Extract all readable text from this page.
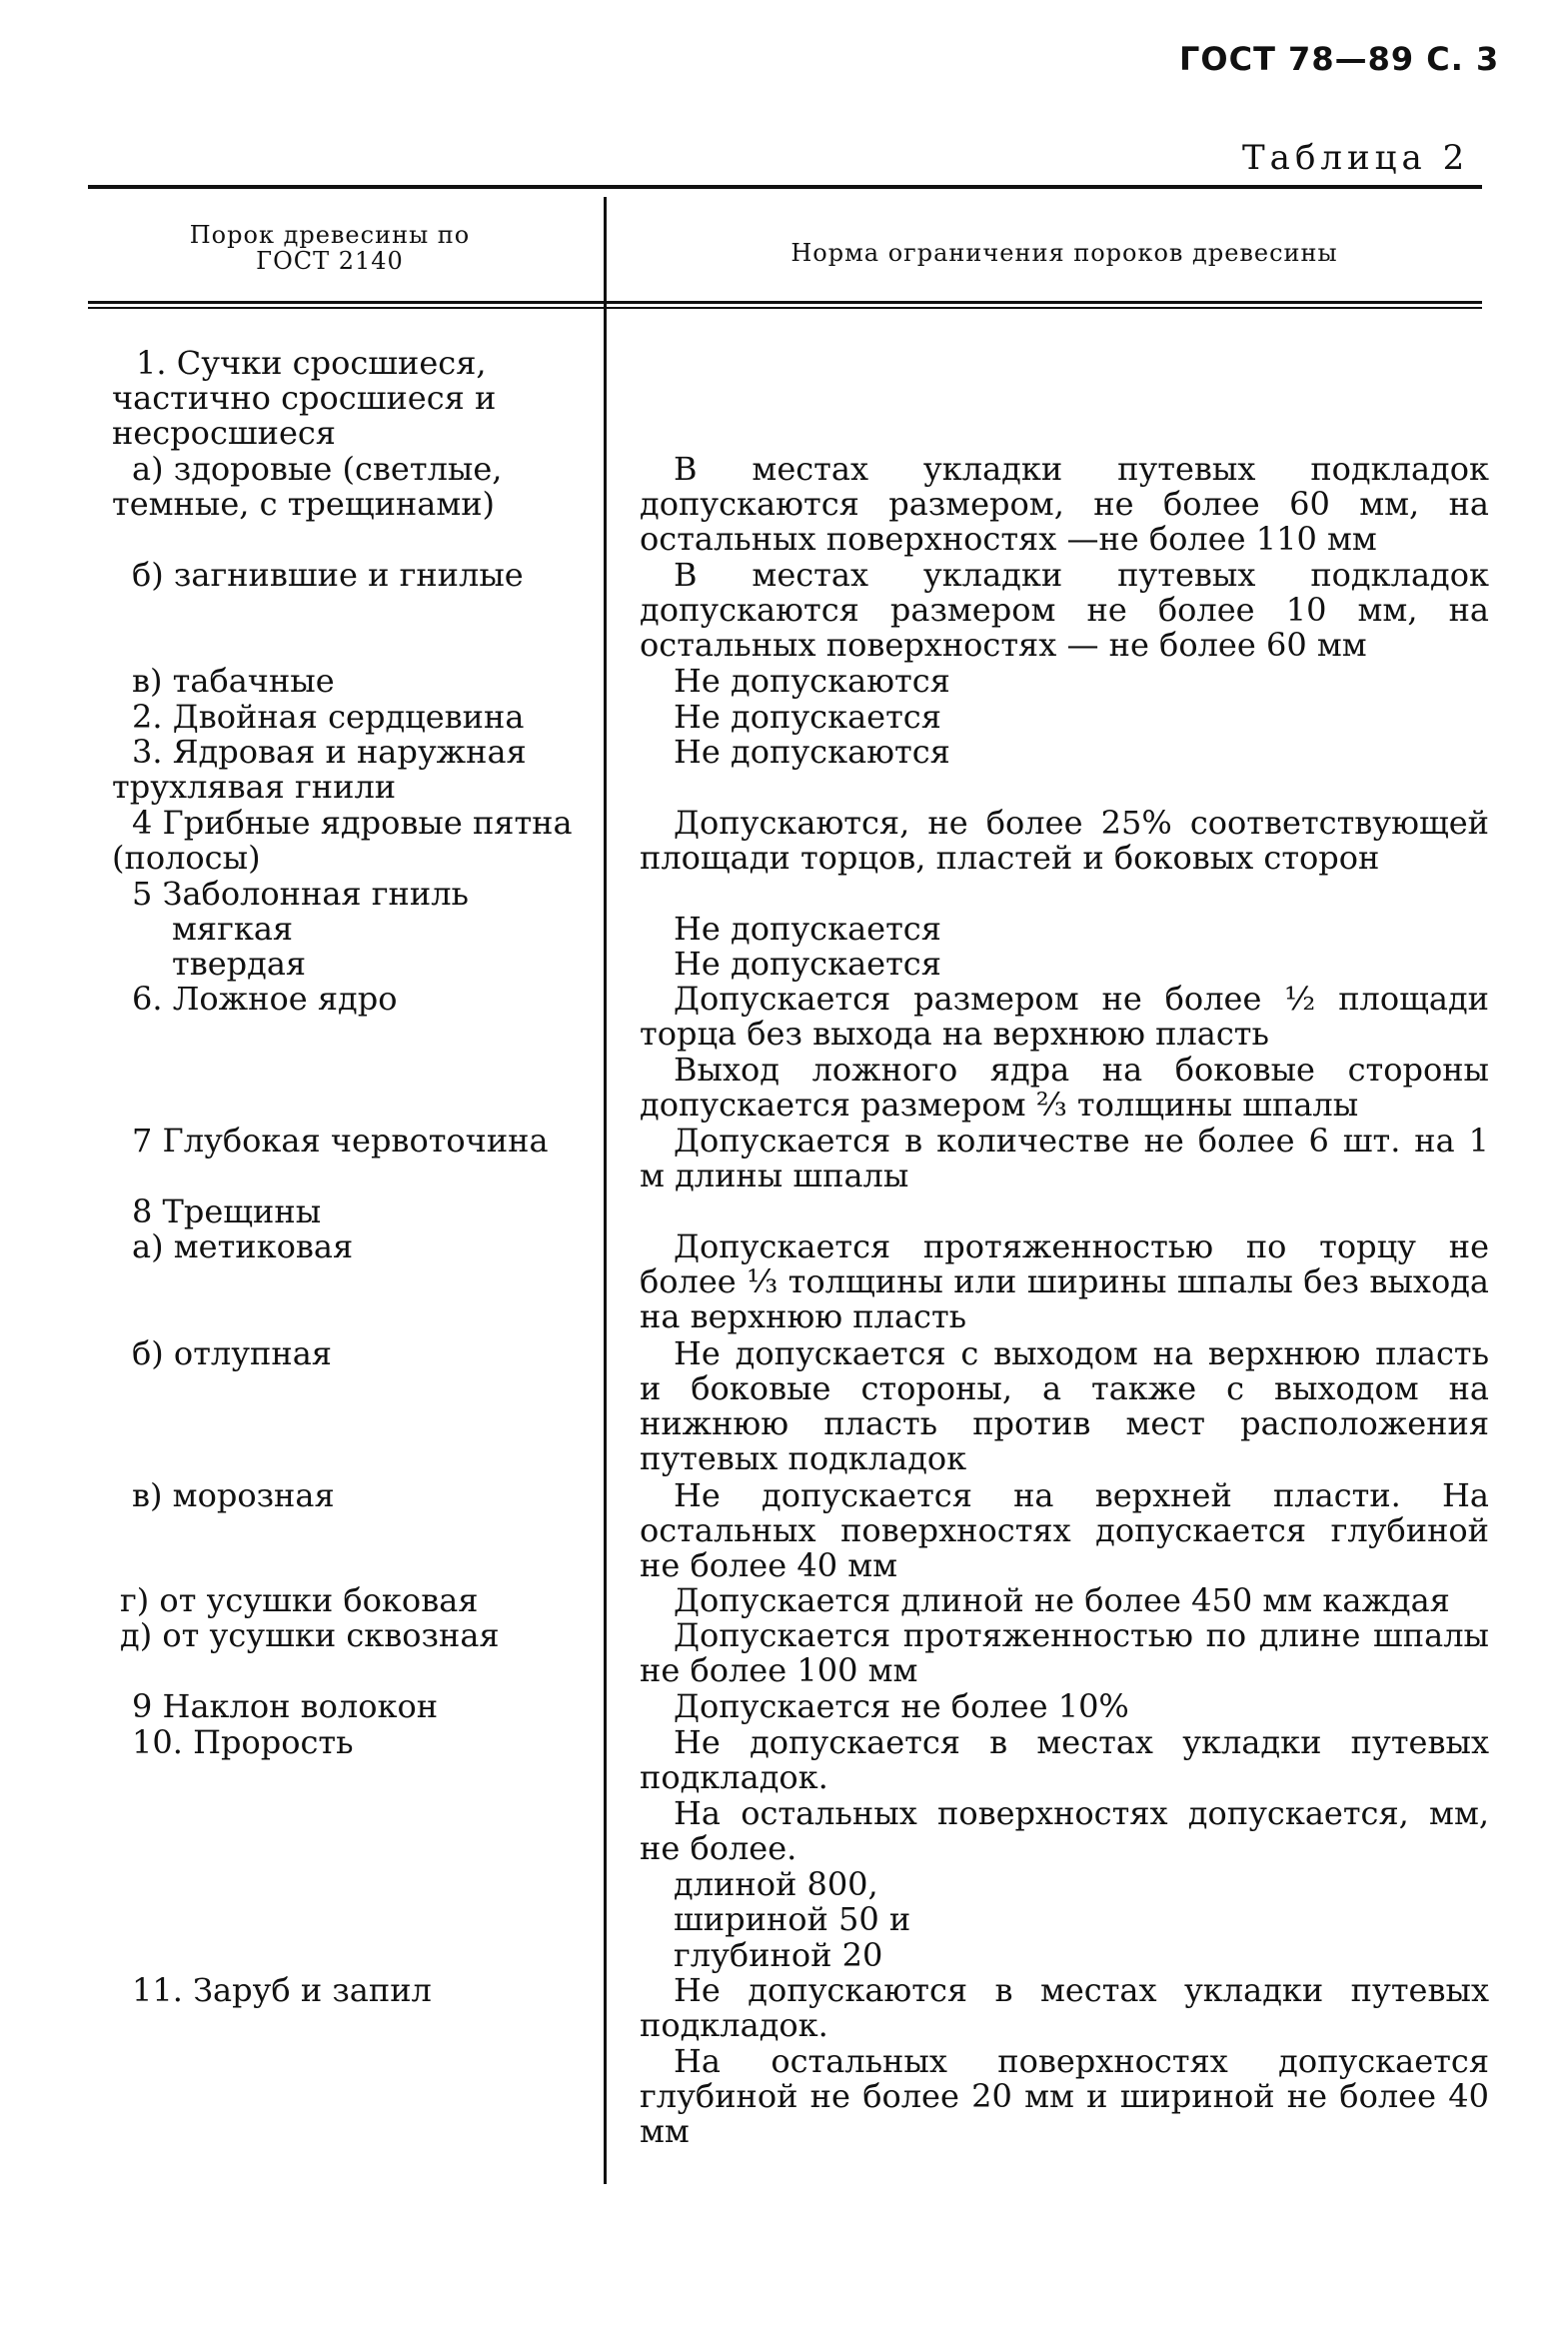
ГОСТ 78—89 С. 3
Таблица 2
Порок древесины по ГОСТ 2140	Норма ограничения пороков древесины
1. Сучки сросшиеся, частично сросшиеся и несросшиеся
а) здоровые (светлые, темные, с трещинами)
б) загнившие и гнилые
в) табачные
2. Двойная сердцевина
3. Ядровая и наружная трухлявая гнили
4 Грибные ядровые пятна (полосы)
5 Заболонная гниль
мягкая
твердая
6. Ложное ядро
7 Глубокая червоточина
8 Трещины
а) метиковая
б) отлупная
в) морозная
г) от усушки боковая
д) от усушки сквозная
9 Наклон волокон
10. Прорость
11. Заруб и запил
В местах укладки путевых подкладок допускаются размером, не более 60 мм, на остальных поверхностях —не более 110 мм
В местах укладки путевых подкладок допускаются размером не более 10 мм, на остальных поверхностях — не более 60 мм
Не допускаются
Не допускается
Не допускаются
Допускаются, не более 25% соответствующей площади торцов, пластей и боковых сторон
Не допускается
Не допускается
Допускается размером не более ½ площади торца без выхода на верхнюю пласть
Выход ложного ядра на боковые стороны допускается размером ⅔ толщины шпалы
Допускается в количестве не более 6 шт. на 1 м длины шпалы
Допускается протяженностью по торцу не более ⅓ толщины или ширины шпалы без выхода на верхнюю пласть
Не допускается с выходом на верхнюю пласть и боковые стороны, а также с выходом на нижнюю пласть против мест расположения путевых подкладок
Не допускается на верхней пласти. На остальных поверхностях допускается глубиной не более 40 мм
Допускается длиной не более 450 мм каждая
Допускается протяженностью по длине шпалы не более 100 мм
Допускается не более 10%
Не допускается в местах укладки путевых подкладок.
На остальных поверхностях допускается, мм, не более.
длиной 800,
шириной 50 и
глубиной 20
Не допускаются в местах укладки путевых подкладок.
На остальных поверхностях допускается глубиной не более 20 мм и шириной не более 40 мм
